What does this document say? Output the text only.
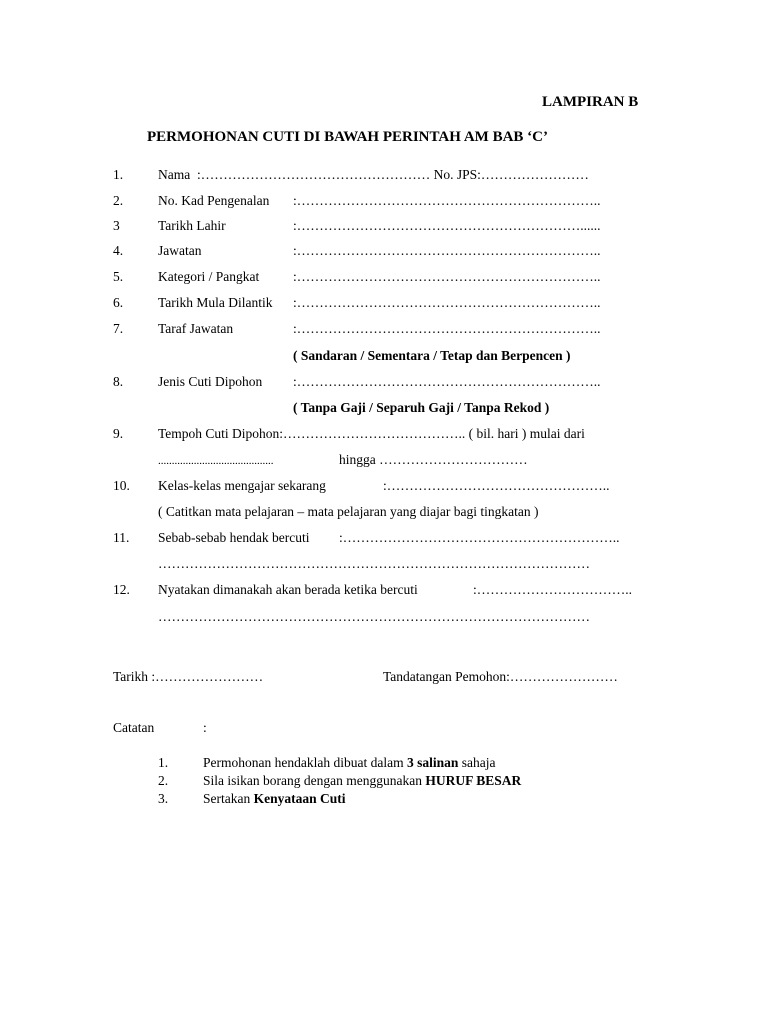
LAMPIRAN B
PERMOHONAN CUTI DI BAWAH PERINTAH AM BAB ‘C’
1.	Nama  :…………………………………………… No. JPS:……………………
2.	No. Kad Pengenalan :…………………………………………………………..
3	Tarikh Lahir	:………………………………………………………......
4.	Jawatan	:…………………………………………………………..
5.	Kategori / Pangkat	:…………………………………………………………..
6.	Tarikh Mula Dilantik :…………………………………………………………..
7.	Taraf Jawatan	:…………………………………………………………..
( Sandaran / Sementara / Tetap dan Berpencen )
8.	Jenis Cuti Dipohon :…………………………………………………………..
( Tanpa Gaji / Separuh Gaji / Tanpa Rekod )
9.	Tempoh Cuti Dipohon:………………………………….. ( bil. hari ) mulai dari
..........................................	hingga ……………………………
10. Kelas-kelas mengajar sekarang	:…………………………………………..
( Catitkan mata pelajaran – mata pelajaran yang diajar bagi tingkatan )
11. Sebab-sebab hendak bercuti :……………………………………………………..
……………………………………………………………………………………
12. Nyatakan dimanakah akan berada ketika bercuti	:……………………………..
……………………………………………………………………………………
Tarikh :……………………	Tandatangan Pemohon:……………………
Catatan	:
1.	Permohonan hendaklah dibuat dalam 3 salinan sahaja
2.	Sila isikan borang dengan menggunakan HURUF BESAR
3.	Sertakan Kenyataan Cuti
